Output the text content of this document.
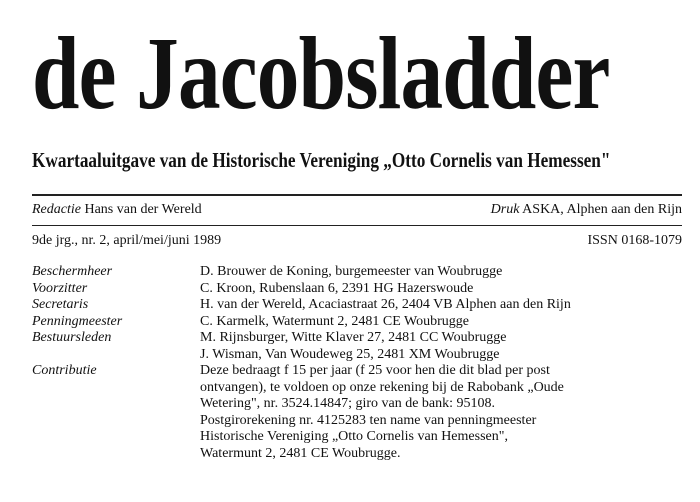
de Jacobsladder
Kwartaaluitgave van de Historische Vereniging „Otto Cornelis van Hemessen"
Redactie Hans van der Wereld	Druk ASKA, Alphen aan den Rijn
9de jrg., nr. 2, april/mei/juni 1989	ISSN 0168-1079
Beschermheer	D. Brouwer de Koning, burgemeester van Woubrugge
Voorzitter	C. Kroon, Rubenslaan 6, 2391 HG Hazerswoude
Secretaris	H. van der Wereld, Acaciastraat 26, 2404 VB Alphen aan den Rijn
Penningmeester	C. Karmelk, Watermunt 2, 2481 CE Woubrugge
Bestuursleden	M. Rijnsburger, Witte Klaver 27, 2481 CC Woubrugge
J. Wisman, Van Woudeweg 25, 2481 XM Woubrugge
Contributie	Deze bedraagt f 15 per jaar (f 25 voor hen die dit blad per post
ontvangen), te voldoen op onze rekening bij de Rabobank „Oude
Wetering", nr. 3524.14847; giro van de bank: 95108.
Postgirorekening nr. 4125283 ten name van penningmeester
Historische Vereniging „Otto Cornelis van Hemessen",
Watermunt 2, 2481 CE Woubrugge.
